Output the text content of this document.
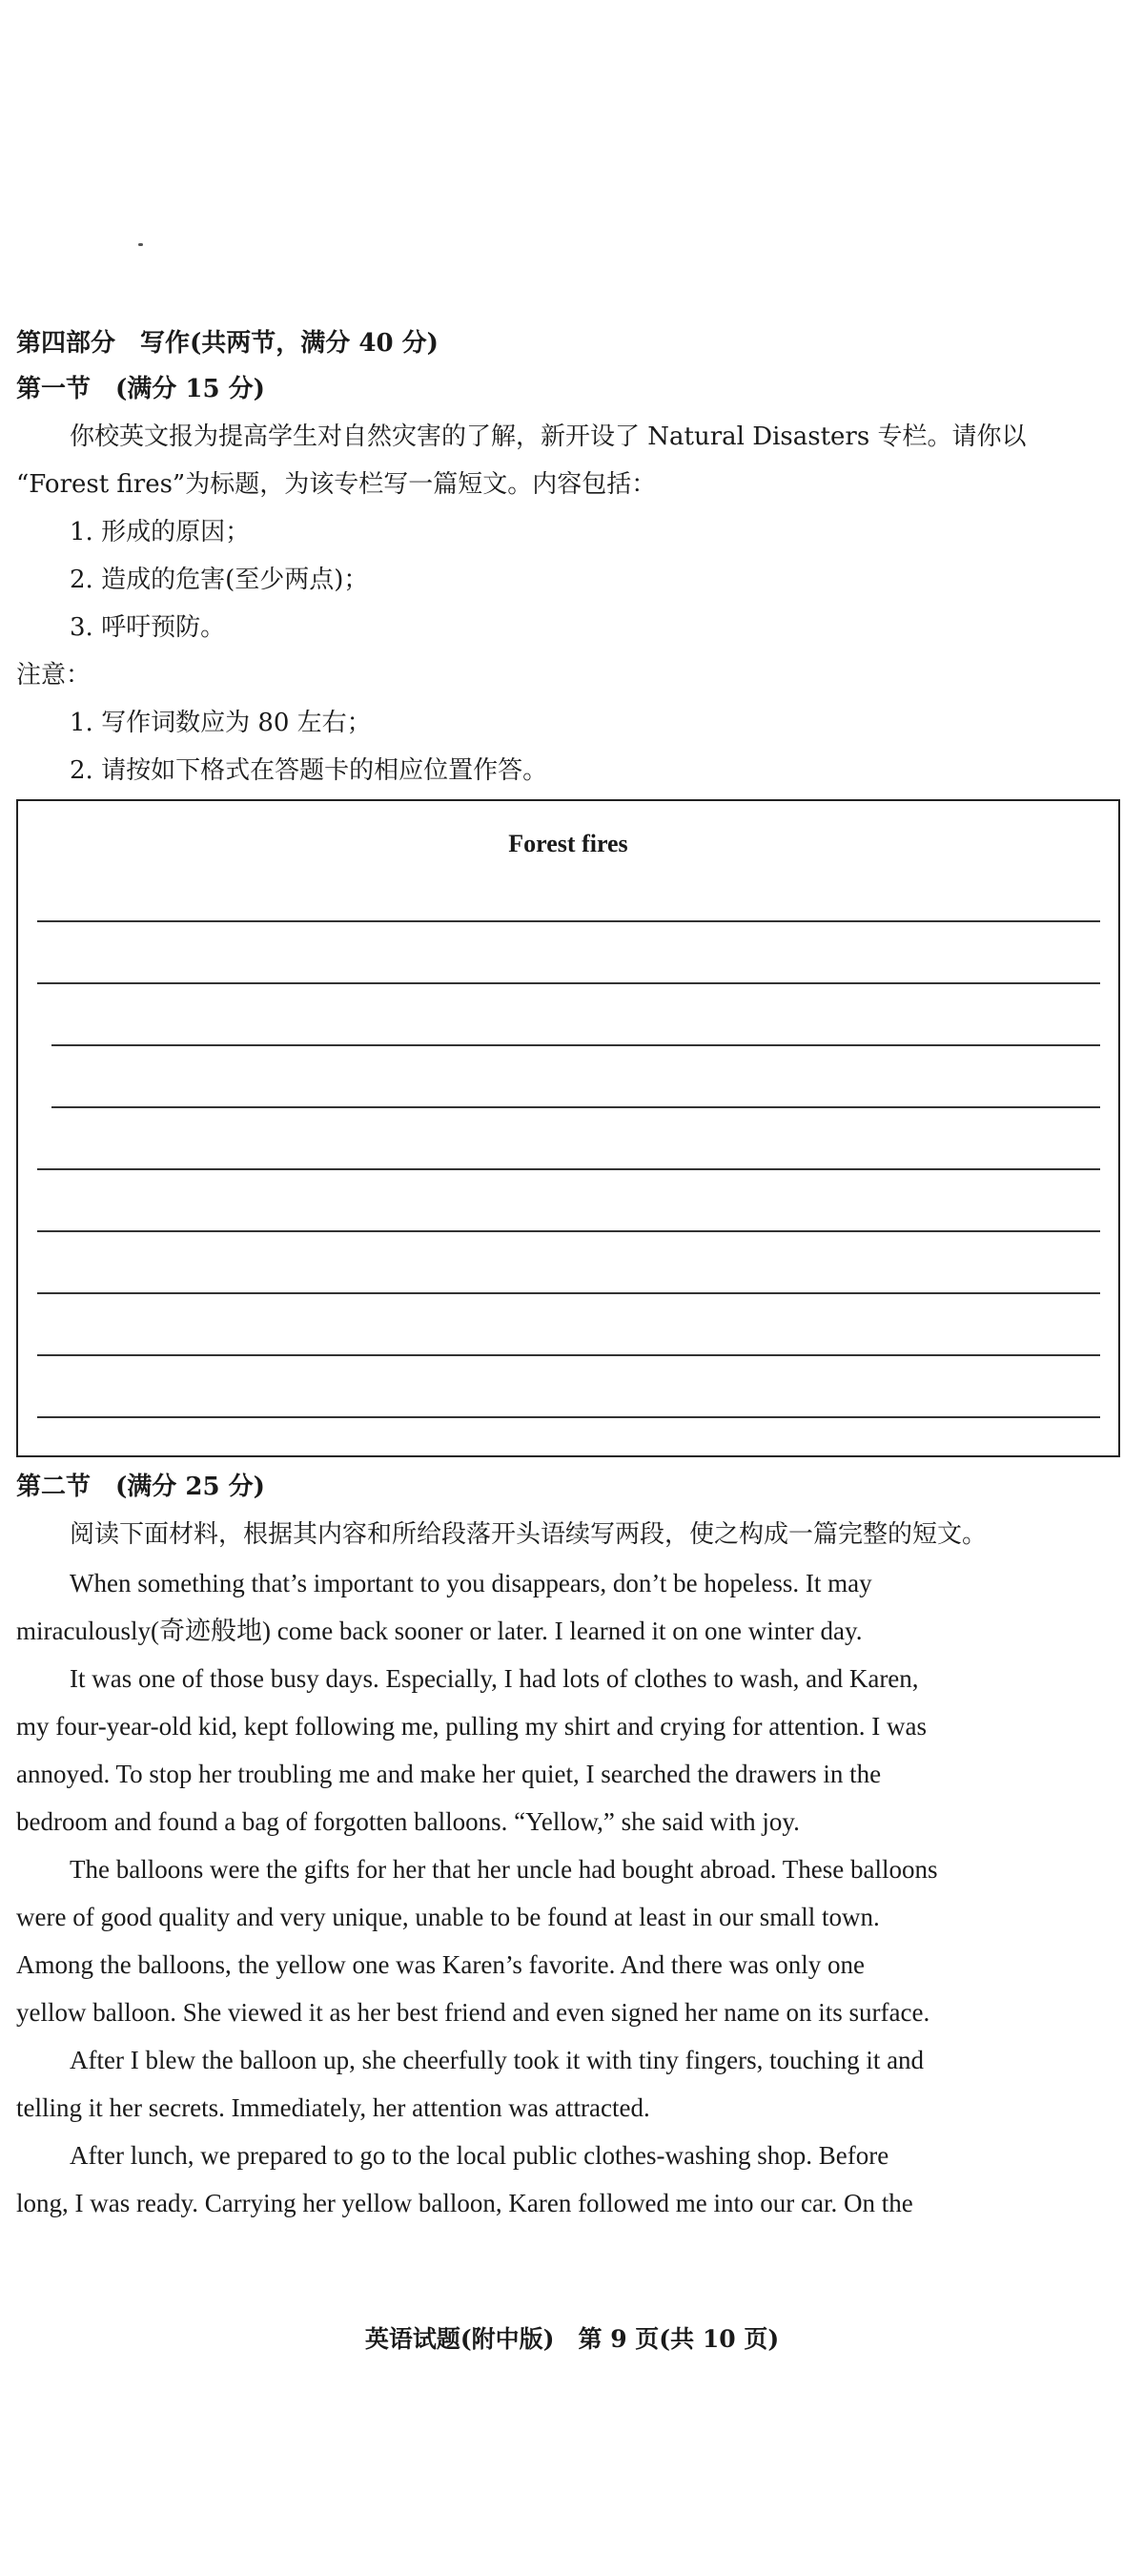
第四部分　写作(共两节，满分 40 分)
第一节　(满分 15 分)
你校英文报为提高学生对自然灾害的了解，新开设了 Natural Disasters 专栏。请你以
“Forest fires”为标题，为该专栏写一篇短文。内容包括：
1. 形成的原因；
2. 造成的危害(至少两点)；
3. 呼吁预防。
注意：
1. 写作词数应为 80 左右；
2. 请按如下格式在答题卡的相应位置作答。
Forest fires
第二节　(满分 25 分)
阅读下面材料，根据其内容和所给段落开头语续写两段，使之构成一篇完整的短文。
When something that’s important to you disappears, don’t be hopeless. It may
miraculously(奇迹般地) come back sooner or later. I learned it on one winter day.
It was one of those busy days. Especially, I had lots of clothes to wash, and Karen,
my four-year-old kid, kept following me, pulling my shirt and crying for attention. I was
annoyed. To stop her troubling me and make her quiet, I searched the drawers in the
bedroom and found a bag of forgotten balloons. “Yellow,” she said with joy.
The balloons were the gifts for her that her uncle had bought abroad. These balloons
were of good quality and very unique, unable to be found at least in our small town.
Among the balloons, the yellow one was Karen’s favorite. And there was only one
yellow balloon. She viewed it as her best friend and even signed her name on its surface.
After I blew the balloon up, she cheerfully took it with tiny fingers, touching it and
telling it her secrets. Immediately, her attention was attracted.
After lunch, we prepared to go to the local public clothes-washing shop. Before
long, I was ready. Carrying her yellow balloon, Karen followed me into our car. On the
英语试题(附中版)　第 9 页(共 10 页)
